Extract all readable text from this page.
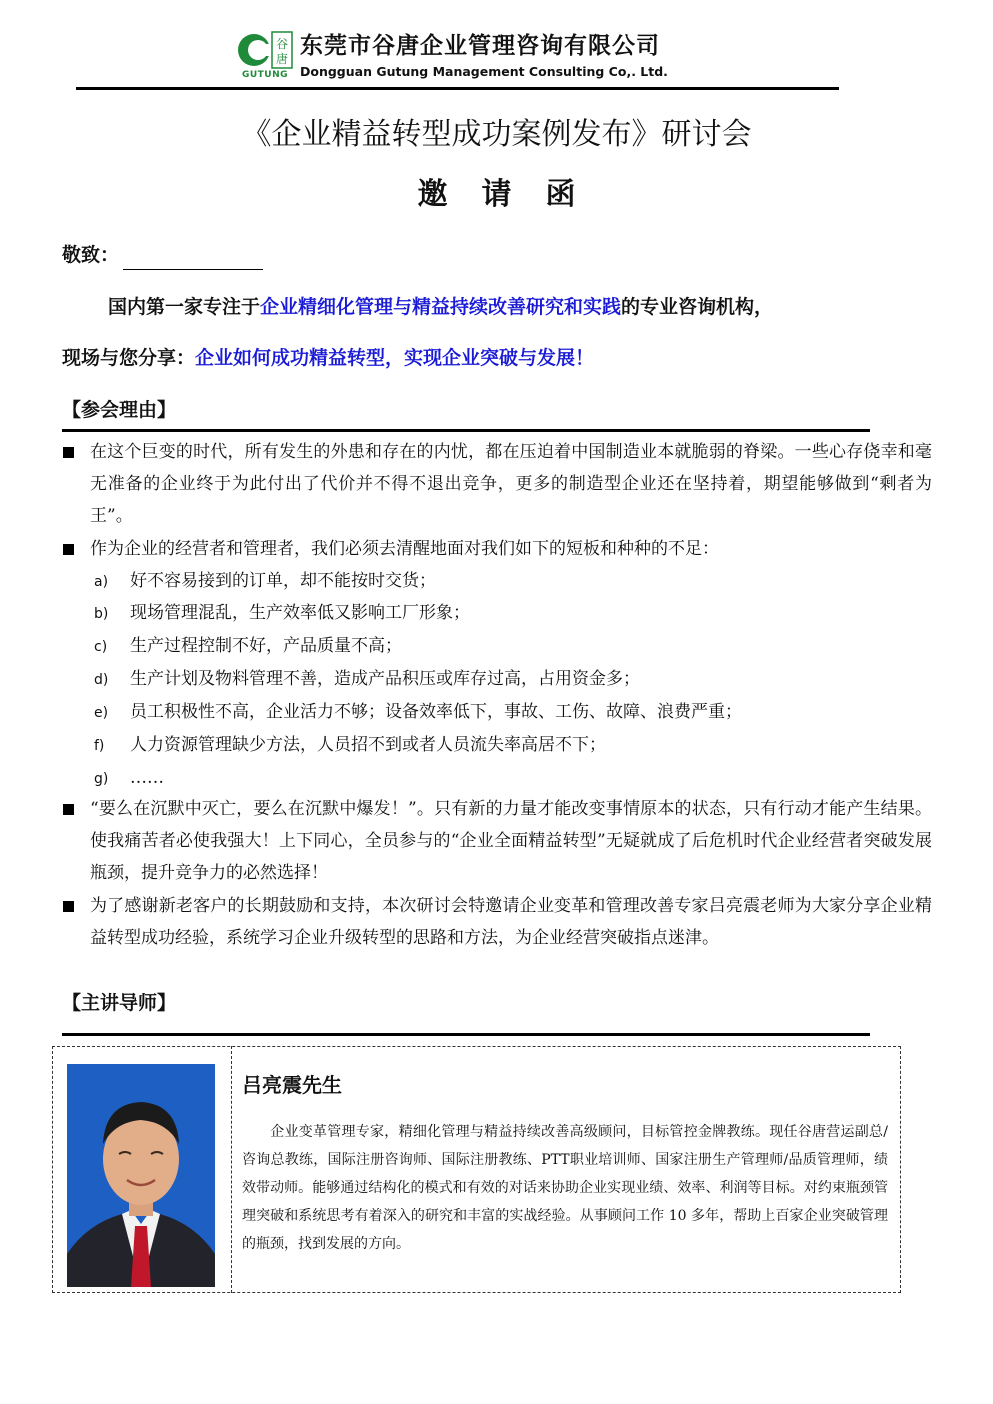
谷
唐
GUTUNG
东莞市谷唐企业管理咨询有限公司
Dongguan Gutung Management Consulting Co,. Ltd.
《企业精益转型成功案例发布》研讨会
邀请函
敬致：
国内第一家专注于企业精细化管理与精益持续改善研究和实践的专业咨询机构，
现场与您分享：企业如何成功精益转型，实现企业突破与发展！
【参会理由】
在这个巨变的时代，所有发生的外患和存在的内忧，都在压迫着中国制造业本就脆弱的脊梁。一些心存侥幸和毫无准备的企业终于为此付出了代价并不得不退出竞争，更多的制造型企业还在坚持着，期望能够做到“剩者为王”。
作为企业的经营者和管理者，我们必须去清醒地面对我们如下的短板和种种的不足：
a) 好不容易接到的订单，却不能按时交货；
b) 现场管理混乱，生产效率低又影响工厂形象；
c) 生产过程控制不好，产品质量不高；
d) 生产计划及物料管理不善，造成产品积压或库存过高，占用资金多；
e) 员工积极性不高，企业活力不够；设备效率低下，事故、工伤、故障、浪费严重；
f) 人力资源管理缺少方法，人员招不到或者人员流失率高居不下；
g) ……
“要么在沉默中灭亡，要么在沉默中爆发！”。只有新的力量才能改变事情原本的状态，只有行动才能产生结果。使我痛苦者必使我强大！上下同心，全员参与的“企业全面精益转型”无疑就成了后危机时代企业经营者突破发展瓶颈，提升竞争力的必然选择！
为了感谢新老客户的长期鼓励和支持，本次研讨会特邀请企业变革和管理改善专家吕亮震老师为大家分享企业精益转型成功经验，系统学习企业升级转型的思路和方法，为企业经营突破指点迷津。
【主讲导师】
吕亮震先生
企业变革管理专家，精细化管理与精益持续改善高级顾问，目标管控金牌教练。现任谷唐营运副总/咨询总教练，国际注册咨询师、国际注册教练、PTT职业培训师、国家注册生产管理师/品质管理师，绩效带动师。能够通过结构化的模式和有效的对话来协助企业实现业绩、效率、利润等目标。对约束瓶颈管理突破和系统思考有着深入的研究和丰富的实战经验。从事顾问工作 10 多年，帮助上百家企业突破管理的瓶颈，找到发展的方向。
